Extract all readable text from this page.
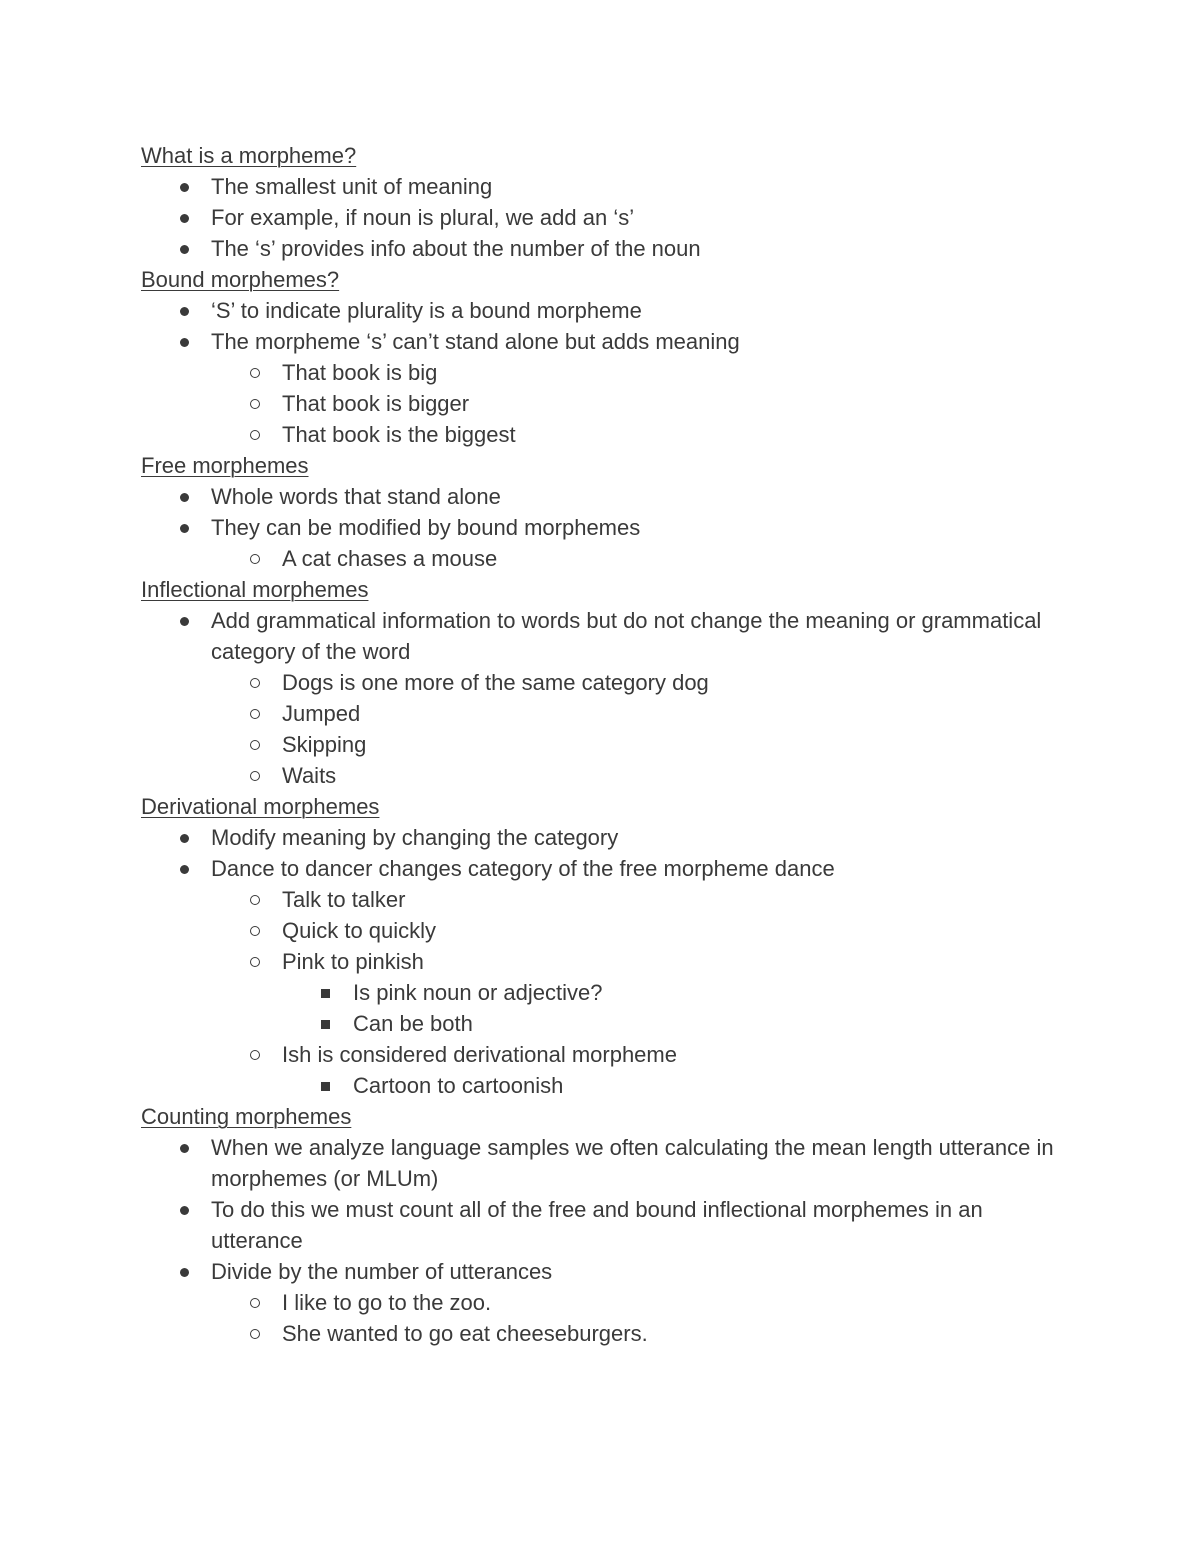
What is a morpheme?
The smallest unit of meaning
For example, if noun is plural, we add an ‘s’
The ‘s’ provides info about the number of the noun
Bound morphemes?
‘S’ to indicate plurality is a bound morpheme
The morpheme ‘s’ can’t stand alone but adds meaning
That book is big
That book is bigger
That book is the biggest
Free morphemes
Whole words that stand alone
They can be modified by bound morphemes
A cat chases a mouse
Inflectional morphemes
Add grammatical information to words but do not change the meaning or grammatical category of the word
Dogs is one more of the same category dog
Jumped
Skipping
Waits
Derivational morphemes
Modify meaning by changing the category
Dance to dancer changes category of the free morpheme dance
Talk to talker
Quick to quickly
Pink to pinkish
Is pink noun or adjective?
Can be both
Ish is considered derivational morpheme
Cartoon to cartoonish
Counting morphemes
When we analyze language samples we often calculating the mean length utterance in morphemes (or MLUm)
To do this we must count all of the free and bound inflectional morphemes in an utterance
Divide by the number of utterances
I like to go to the zoo.
She wanted to go eat cheeseburgers.
